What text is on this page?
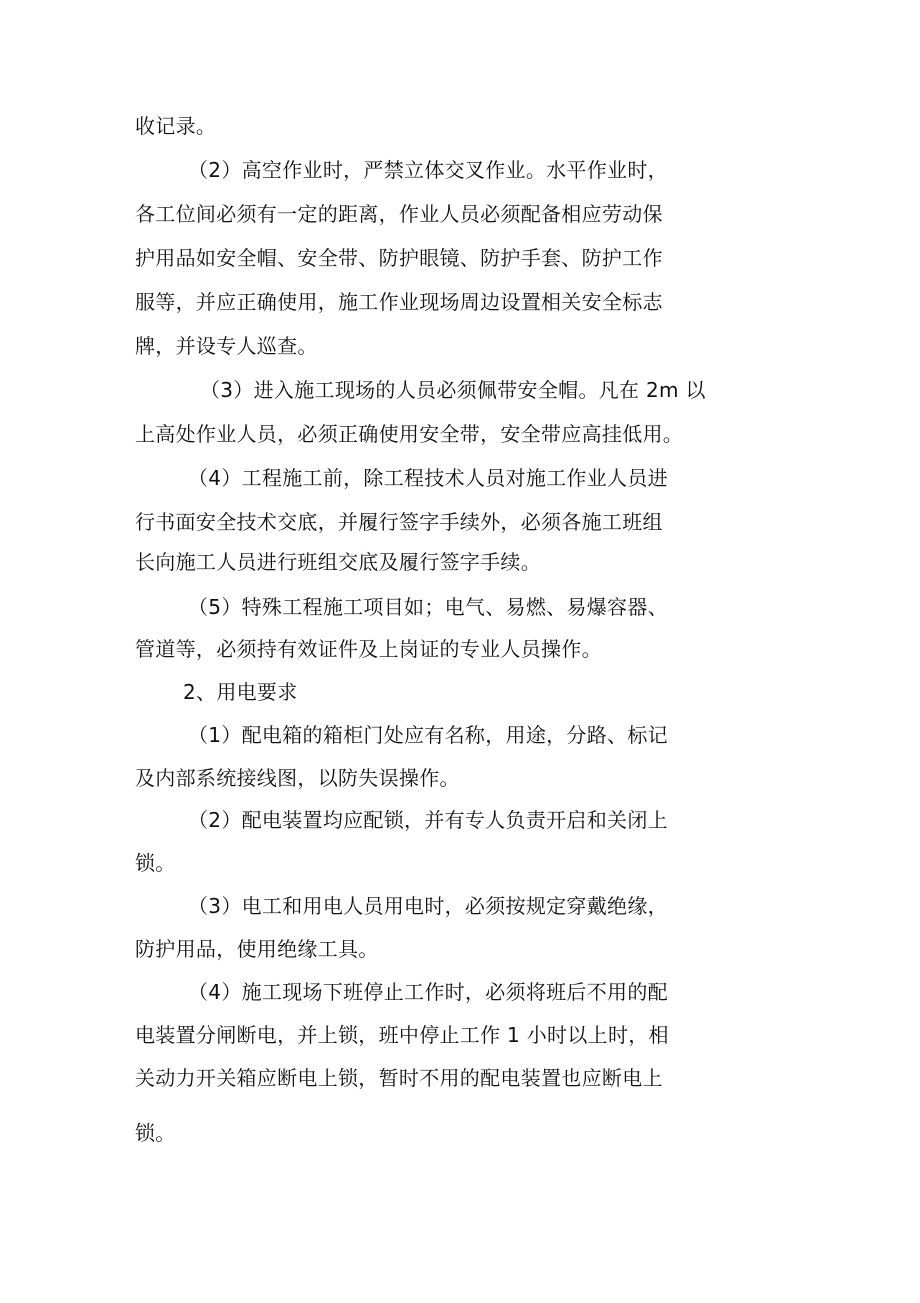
收记录。
（2）高空作业时，严禁立体交叉作业。水平作业时，
各工位间必须有一定的距离，作业人员必须配备相应劳动保
护用品如安全帽、安全带、防护眼镜、防护手套、防护工作
服等，并应正确使用，施工作业现场周边设置相关安全标志
牌，并设专人巡查。
（3）进入施工现场的人员必须佩带安全帽。凡在 2m 以
上高处作业人员，必须正确使用安全带，安全带应高挂低用。
（4）工程施工前，除工程技术人员对施工作业人员进
行书面安全技术交底，并履行签字手续外，必须各施工班组
长向施工人员进行班组交底及履行签字手续。
（5）特殊工程施工项目如；电气、易燃、易爆容器、
管道等，必须持有效证件及上岗证的专业人员操作。
2、用电要求
（1）配电箱的箱柜门处应有名称，用途，分路、标记
及内部系统接线图，以防失误操作。
（2）配电装置均应配锁，并有专人负责开启和关闭上
锁。
（3）电工和用电人员用电时，必须按规定穿戴绝缘，
防护用品，使用绝缘工具。
（4）施工现场下班停止工作时，必须将班后不用的配
电装置分闸断电，并上锁，班中停止工作 1 小时以上时，相
关动力开关箱应断电上锁，暂时不用的配电装置也应断电上
锁。
